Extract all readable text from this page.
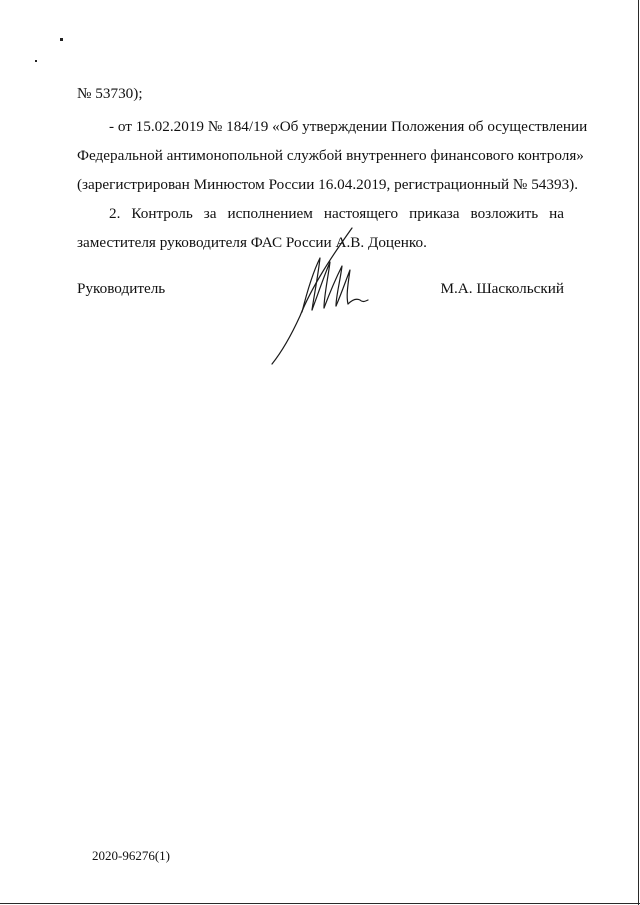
№ 53730);
- от 15.02.2019 № 184/19 «Об утверждении Положения об осуществлении
Федеральной антимонопольной службой внутреннего финансового контроля»
(зарегистрирован Минюстом России 16.04.2019, регистрационный № 54393).
2. Контроль за исполнением настоящего приказа возложить на
заместителя руководителя ФАС России А.В. Доценко.
Руководитель	М.А. Шаскольский
2020-96276(1)
